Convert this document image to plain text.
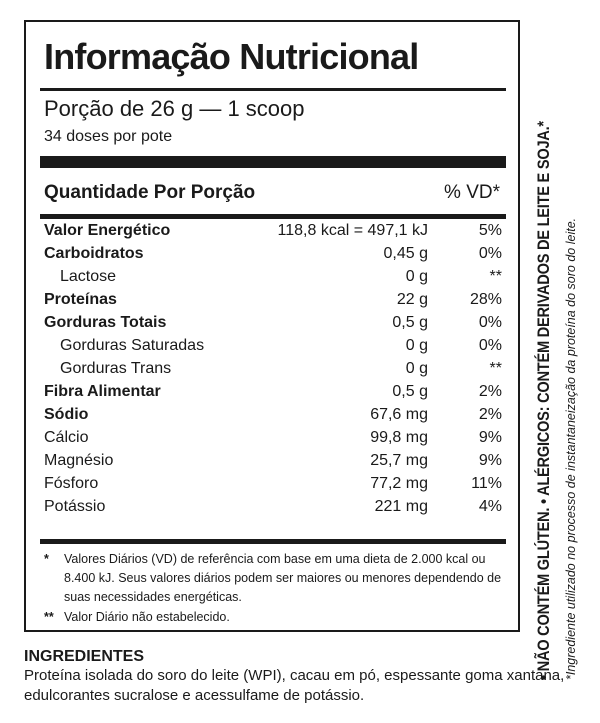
Informação Nutricional
Porção de 26 g — 1 scoop
34 doses por pote
Quantidade Por Porção	% VD*
Valor Energético	118,8 kcal = 497,1 kJ	5%
Carboidratos	0,45 g	0%
Lactose	0 g	**
Proteínas	22 g	28%
Gorduras Totais	0,5 g	0%
Gorduras Saturadas	0 g	0%
Gorduras Trans	0 g	**
Fibra Alimentar	0,5 g	2%
Sódio	67,6 mg	2%
Cálcio	99,8 mg	9%
Magnésio	25,7 mg	9%
Fósforo	77,2 mg	11%
Potássio	221 mg	4%
* Valores Diários (VD) de referência com base em uma dieta de 2.000 kcal ou 8.400 kJ. Seus valores diários podem ser maiores ou menores dependendo de suas necessidades energéticas.
** Valor Diário não estabelecido.
INGREDIENTES
Proteína isolada do soro do leite (WPI), cacau em pó, espessante goma xantana, edulcorantes sucralose e acessulfame de potássio.
• NÃO CONTÉM GLÚTEN. • ALÉRGICOS: CONTÉM DERIVADOS DE LEITE E SOJA.* *Ingrediente utilizado no processo de instantaneização da proteína do soro do leite.
